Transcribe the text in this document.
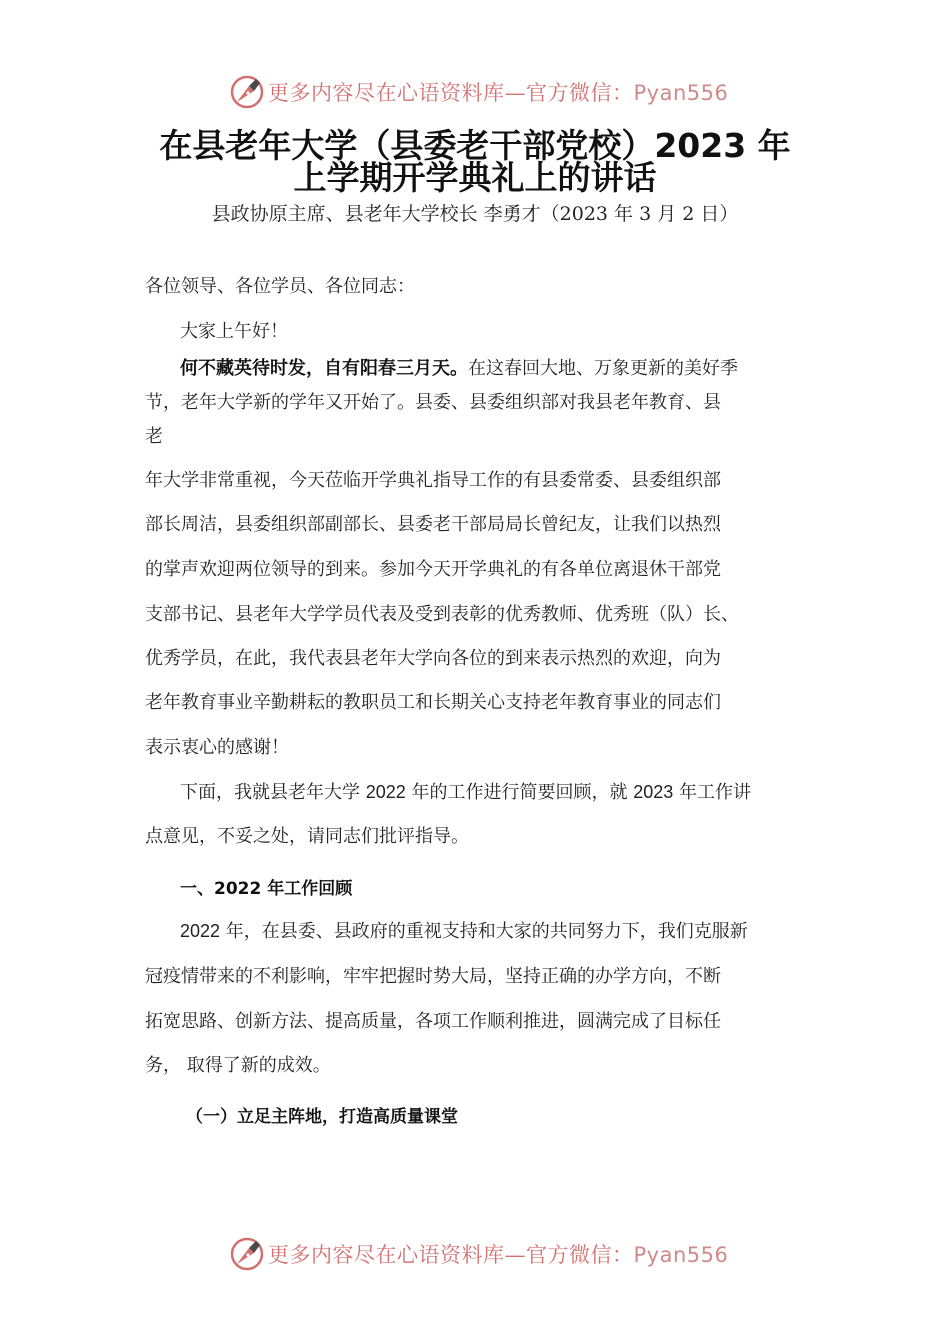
更多内容尽在心语资料库—官方微信：Pyan556
在县老年大学（县委老干部党校）2023 年
上学期开学典礼上的讲话
县政协原主席、县老年大学校长 李勇才（2023 年 3 月 2 日）
各位领导、各位学员、各位同志：
大家上午好！
何不藏英待时发，自有阳春三月天。在这春回大地、万象更新的美好季
节，老年大学新的学年又开始了。县委、县委组织部对我县老年教育、县
老
年大学非常重视，今天莅临开学典礼指导工作的有县委常委、县委组织部
部长周洁，县委组织部副部长、县委老干部局局长曾纪友，让我们以热烈
的掌声欢迎两位领导的到来。参加今天开学典礼的有各单位离退休干部党
支部书记、县老年大学学员代表及受到表彰的优秀教师、优秀班（队）长、
优秀学员，在此，我代表县老年大学向各位的到来表示热烈的欢迎，向为
老年教育事业辛勤耕耘的教职员工和长期关心支持老年教育事业的同志们
表示衷心的感谢！
下面，我就县老年大学 2022 年的工作进行简要回顾，就 2023 年工作讲
点意见，不妥之处，请同志们批评指导。
一、2022 年工作回顾
2022 年，在县委、县政府的重视支持和大家的共同努力下，我们克服新
冠疫情带来的不利影响，牢牢把握时势大局，坚持正确的办学方向，不断
拓宽思路、创新方法、提高质量，各项工作顺利推进，圆满完成了目标任
务， 取得了新的成效。
（一）立足主阵地，打造高质量课堂
更多内容尽在心语资料库—官方微信：Pyan556
